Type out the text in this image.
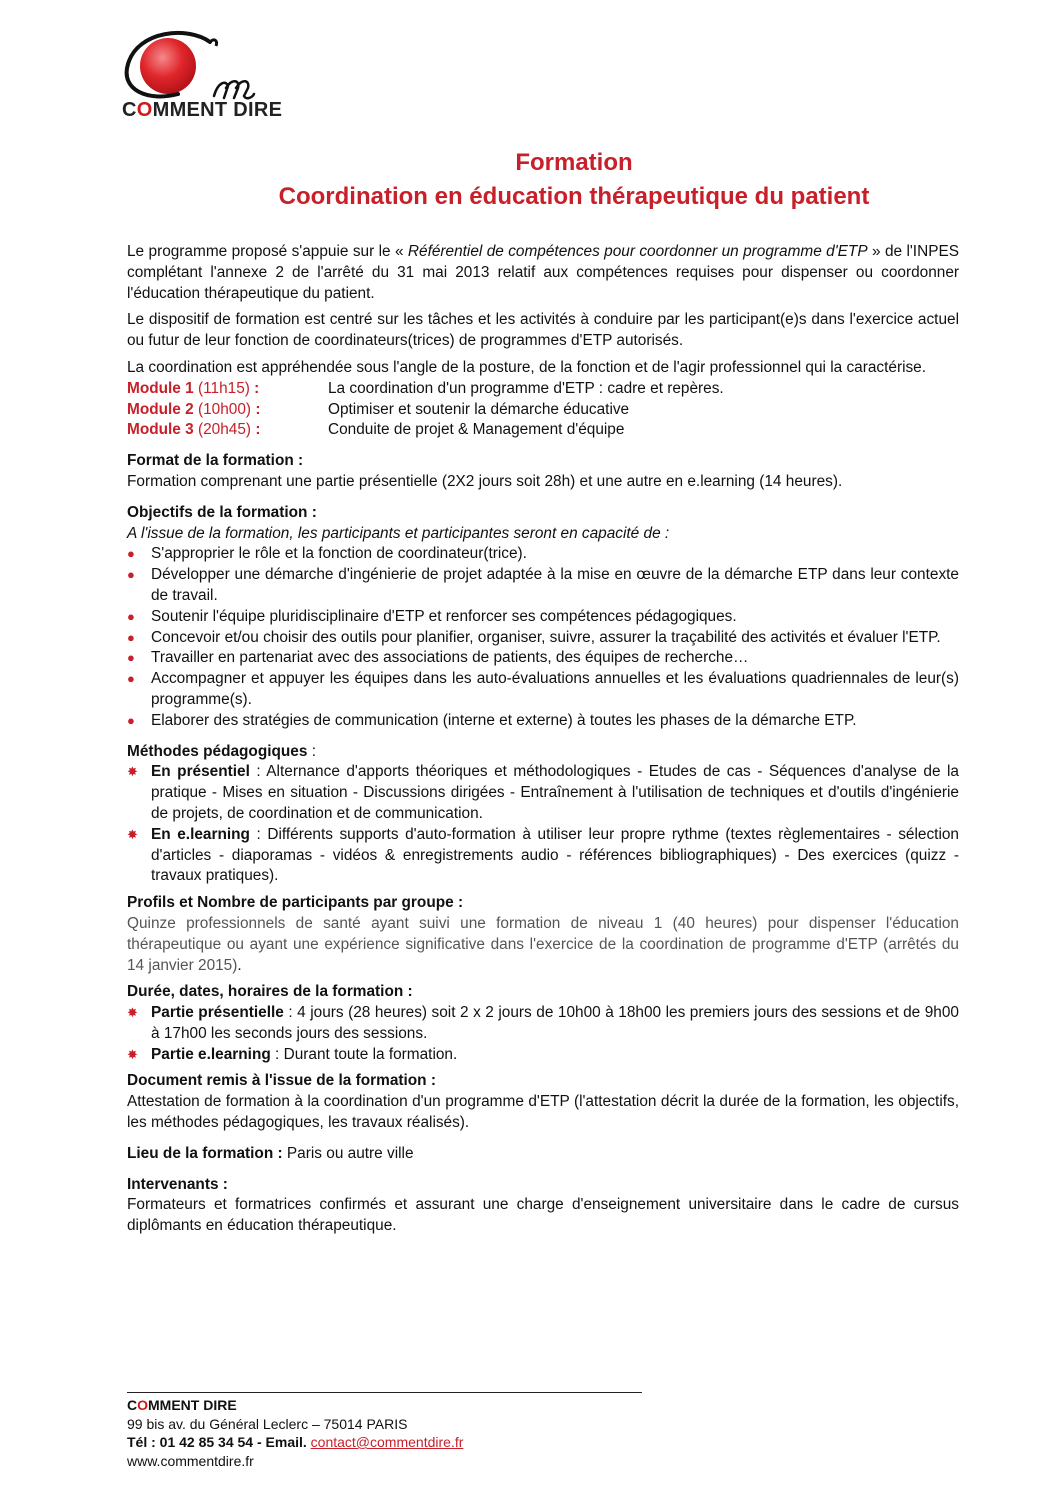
COMMENT DIRE
Formation
Coordination en éducation thérapeutique du patient

Le programme proposé s'appuie sur le « Référentiel de compétences pour coordonner un programme d'ETP » de l'INPES complétant l'annexe 2 de l'arrêté du 31 mai 2013 relatif aux compétences requises pour dispenser ou coordonner l'éducation thérapeutique du patient.

Le dispositif de formation est centré sur les tâches et les activités à conduire par les participant(e)s dans l'exercice actuel ou futur de leur fonction de coordinateurs(trices) de programmes d'ETP autorisés.

La coordination est appréhendée sous l'angle de la posture, de la fonction et de l'agir professionnel qui la caractérise.

Module 1 (11h15) :	La coordination d'un programme d'ETP : cadre et repères.
Module 2 (10h00) :	Optimiser et soutenir la démarche éducative
Module 3 (20h45) :	Conduite de projet & Management d'équipe
Format de la formation :

Formation comprenant une partie présentielle (2X2 jours soit 28h) et une autre en e.learning (14 heures).

Objectifs de la formation :

A l'issue de la formation, les participants et participantes seront en capacité de :

● S'approprier le rôle et la fonction de coordinateur(trice).
● Développer une démarche d'ingénierie de projet adaptée à la mise en œuvre de la démarche ETP dans leur contexte de travail.
● Soutenir l'équipe pluridisciplinaire d'ETP et renforcer ses compétences pédagogiques.
● Concevoir et/ou choisir des outils pour planifier, organiser, suivre, assurer la traçabilité des activités et évaluer l'ETP.
● Travailler en partenariat avec des associations de patients, des équipes de recherche…
● Accompagner et appuyer les équipes dans les auto-évaluations annuelles et les évaluations quadriennales de leur(s) programme(s).
● Elaborer des stratégies de communication (interne et externe) à toutes les phases de la démarche ETP.
Méthodes pédagogiques :
✸ En présentiel : Alternance d'apports théoriques et méthodologiques - Etudes de cas - Séquences d'analyse de la pratique - Mises en situation - Discussions dirigées - Entraînement à l'utilisation de techniques et d'outils d'ingénierie de projets, de coordination et de communication.
✸ En e.learning : Différents supports d'auto-formation à utiliser leur propre rythme (textes règlementaires - sélection d'articles - diaporamas - vidéos & enregistrements audio - références bibliographiques) - Des exercices (quizz - travaux pratiques).
Profils et Nombre de participants par groupe :

Quinze professionnels de santé ayant suivi une formation de niveau 1 (40 heures) pour dispenser l'éducation thérapeutique ou ayant une expérience significative dans l'exercice de la coordination de programme d'ETP (arrêtés du 14 janvier 2015).

Durée, dates, horaires de la formation :
✸ Partie présentielle : 4 jours (28 heures) soit 2 x 2 jours de 10h00 à 18h00 les premiers jours des sessions et de 9h00 à 17h00 les seconds jours des sessions.
✸ Partie e.learning : Durant toute la formation.
Document remis à l'issue de la formation :

Attestation de formation à la coordination d'un programme d'ETP (l'attestation décrit la durée de la formation, les objectifs, les méthodes pédagogiques, les travaux réalisés).

Lieu de la formation : Paris ou autre ville

Intervenants :

Formateurs et formatrices confirmés et assurant une charge d'enseignement universitaire dans le cadre de cursus diplômants en éducation thérapeutique.

COMMENT DIRE
99 bis av. du Général Leclerc – 75014 PARIS
Tél : 01 42 85 34 54 - Email. contact@commentdire.fr
www.commentdire.fr
